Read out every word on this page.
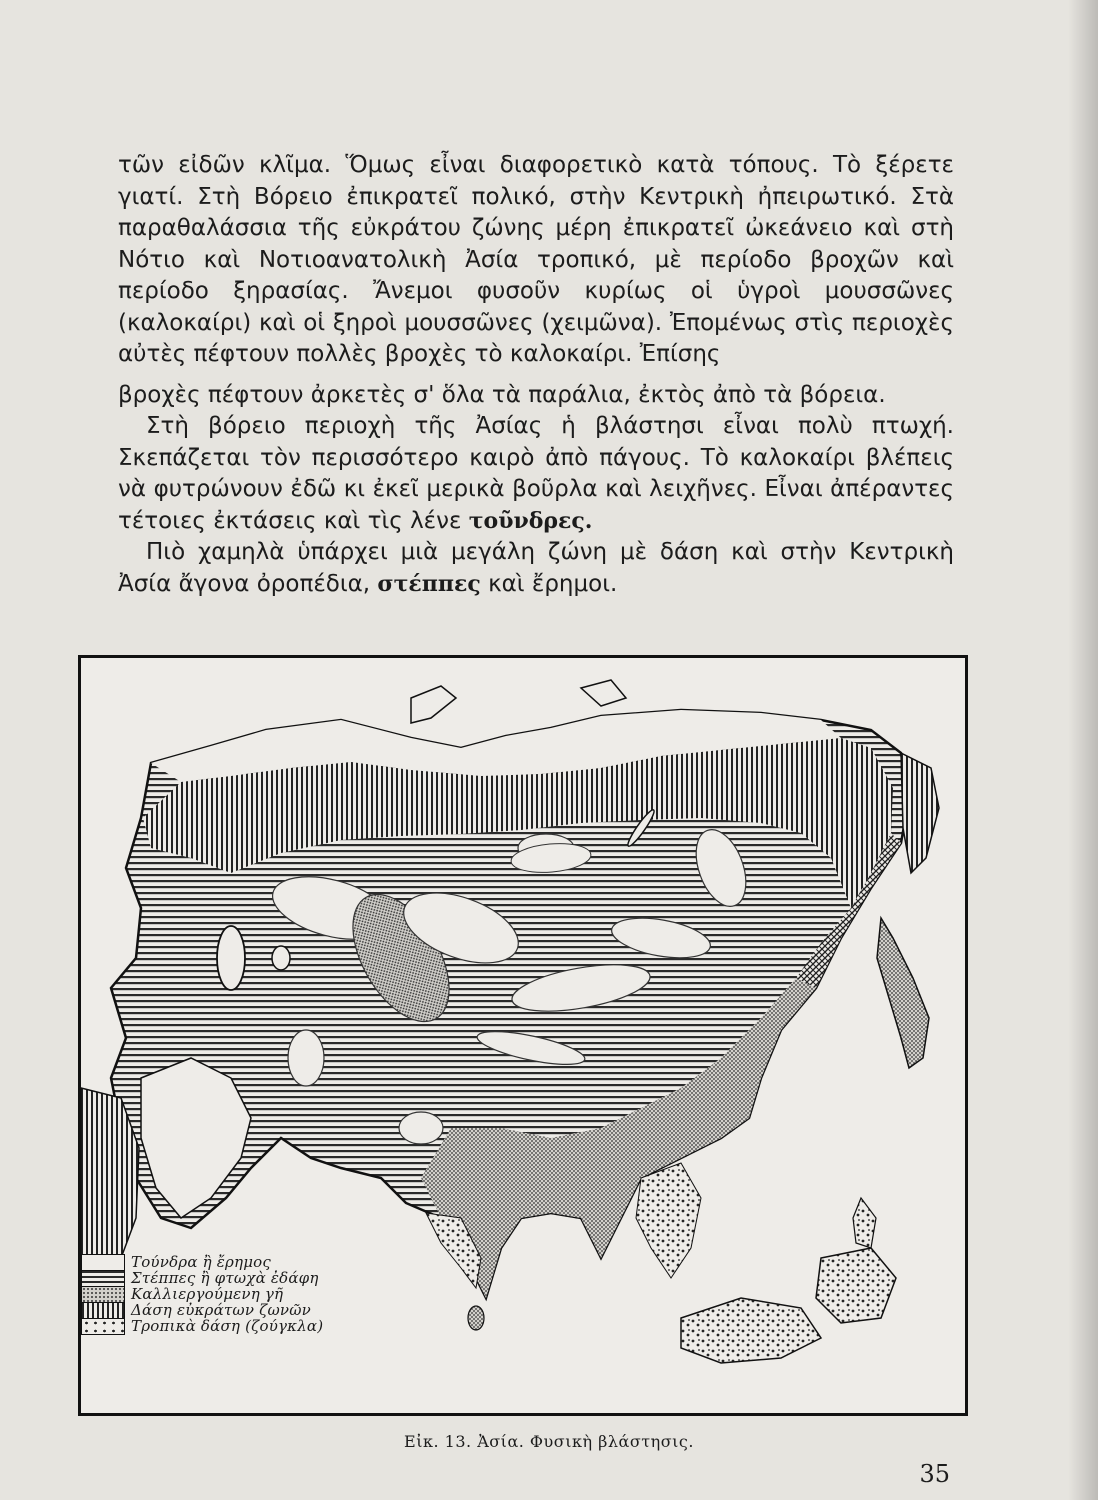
τῶν εἰδῶν κλῖμα. Ὅμως εἶναι διαφορετικὸ κατὰ τόπους. Τὸ ξέρετε γιατί. Στὴ Βόρειο ἐπικρατεῖ πολικό, στὴν Κεντρικὴ ἠπειρωτικό. Στὰ παραθαλάσσια τῆς εὐκράτου ζώνης μέρη ἐπικρατεῖ ὠκεάνειο καὶ στὴ Νότιο καὶ Νοτιοανατολικὴ Ἀσία τροπικό, μὲ περίοδο βροχῶν καὶ περίοδο ξηρασίας. Ἄνεμοι φυσοῦν κυρίως οἱ ὑγροὶ μουσσῶνες (καλοκαίρι) καὶ οἱ ξηροὶ μουσσῶνες (χειμῶνα). Ἐπομένως στὶς περιοχὲς αὐτὲς πέφτουν πολλὲς βροχὲς τὸ καλοκαίρι. Ἐπίσης

βροχὲς πέφτουν ἀρκετὲς σ' ὅλα τὰ παράλια, ἐκτὸς ἀπὸ τὰ βόρεια.

Στὴ βόρειο περιοχὴ τῆς Ἀσίας ἡ βλάστησι εἶναι πολὺ πτωχή. Σκεπάζεται τὸν περισσότερο καιρὸ ἀπὸ πάγους. Τὸ καλοκαίρι βλέπεις νὰ φυτρώνουν ἐδῶ κι ἐκεῖ μερικὰ βοῦρλα καὶ λειχῆνες. Εἶναι ἀπέραντες τέτοιες ἐκτάσεις καὶ τὶς λένε τοῦνδρες.

Πιὸ χαμηλὰ ὑπάρχει μιὰ μεγάλη ζώνη μὲ δάση καὶ στὴν Κεντρικὴ Ἀσία ἄγονα ὀροπέδια, στέππες καὶ ἔρημοι.

Τούνδρα ἢ ἔρημος
Στέππες ἢ φτωχὰ ἐδάφη
Καλλιεργούμενη γῆ
Δάση εὐκράτων ζωνῶν
Τροπικὰ δάση (ζούγκλα)
Εἰκ. 13. Ἀσία. Φυσικὴ βλάστησις.
35
